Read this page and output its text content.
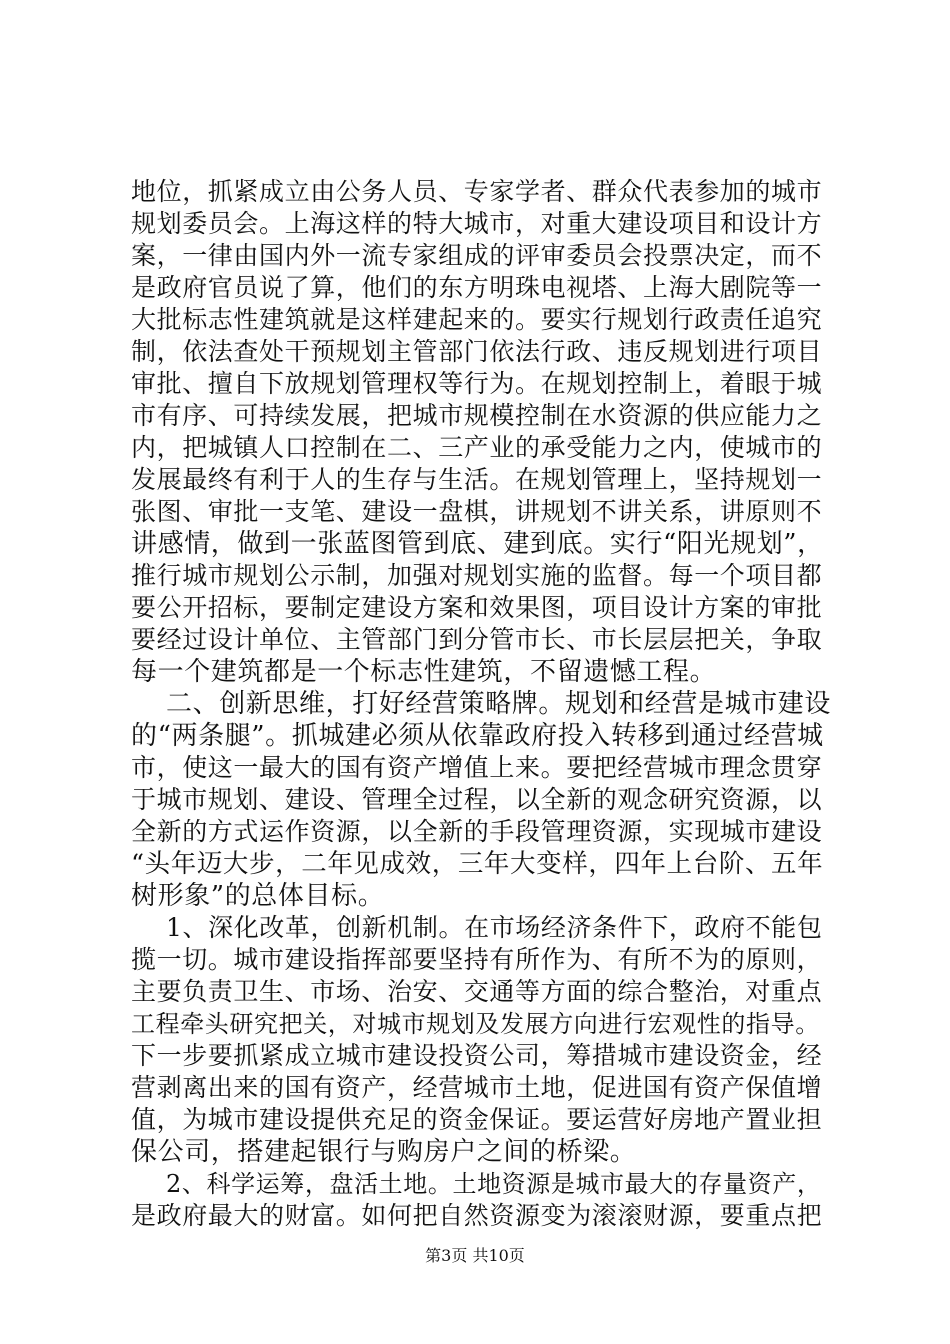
地位，抓紧成立由公务人员、专家学者、群众代表参加的城市
规划委员会。上海这样的特大城市，对重大建设项目和设计方
案，一律由国内外一流专家组成的评审委员会投票决定，而不
是政府官员说了算，他们的东方明珠电视塔、上海大剧院等一
大批标志性建筑就是这样建起来的。要实行规划行政责任追究
制，依法查处干预规划主管部门依法行政、违反规划进行项目
审批、擅自下放规划管理权等行为。在规划控制上，着眼于城
市有序、可持续发展，把城市规模控制在水资源的供应能力之
内，把城镇人口控制在二、三产业的承受能力之内，使城市的
发展最终有利于人的生存与生活。在规划管理上，坚持规划一
张图、审批一支笔、建设一盘棋，讲规划不讲关系，讲原则不
讲感情，做到一张蓝图管到底、建到底。实行“阳光规划”，
推行城市规划公示制，加强对规划实施的监督。每一个项目都
要公开招标，要制定建设方案和效果图，项目设计方案的审批
要经过设计单位、主管部门到分管市长、市长层层把关，争取
每一个建筑都是一个标志性建筑，不留遗憾工程。
二、创新思维，打好经营策略牌。规划和经营是城市建设
的“两条腿”。抓城建必须从依靠政府投入转移到通过经营城
市，使这一最大的国有资产增值上来。要把经营城市理念贯穿
于城市规划、建设、管理全过程，以全新的观念研究资源，以
全新的方式运作资源，以全新的手段管理资源，实现城市建设
“头年迈大步，二年见成效，三年大变样，四年上台阶、五年
树形象”的总体目标。
1、深化改革，创新机制。在市场经济条件下，政府不能包
揽一切。城市建设指挥部要坚持有所作为、有所不为的原则，
主要负责卫生、市场、治安、交通等方面的综合整治，对重点
工程牵头研究把关，对城市规划及发展方向进行宏观性的指导。
下一步要抓紧成立城市建设投资公司，筹措城市建设资金，经
营剥离出来的国有资产，经营城市土地，促进国有资产保值增
值，为城市建设提供充足的资金保证。要运营好房地产置业担
保公司，搭建起银行与购房户之间的桥梁。
2、科学运筹，盘活土地。土地资源是城市最大的存量资产，
是政府最大的财富。如何把自然资源变为滚滚财源，要重点把
第3页 共10页
